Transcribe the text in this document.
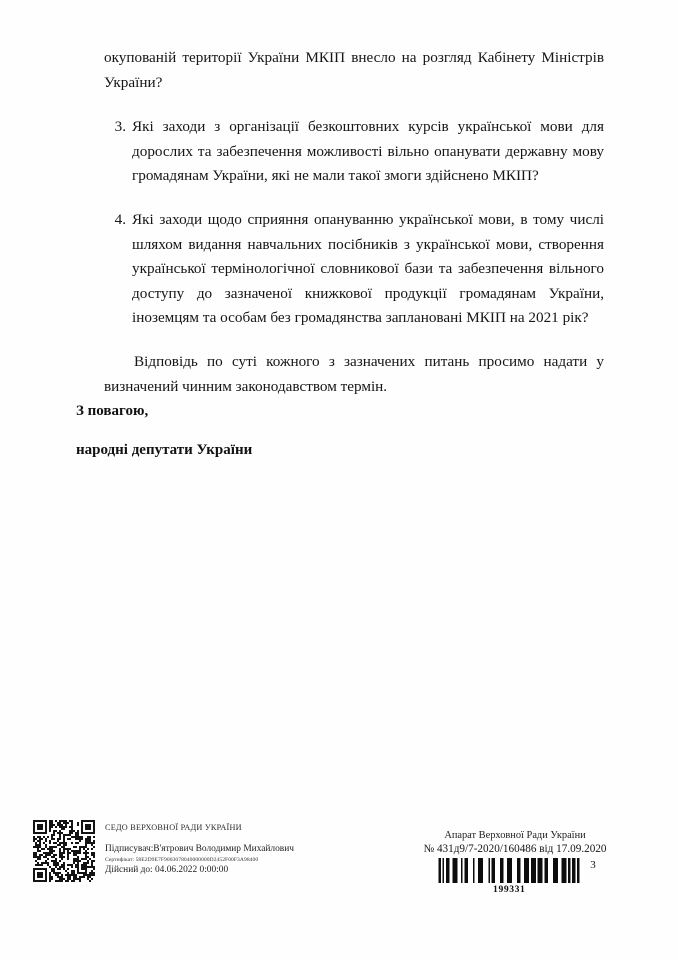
окупованій території України МКІП внесло на розгляд Кабінету Міністрів України?

3. Які заходи з організації безкоштовних курсів української мови для дорослих та забезпечення можливості вільно опанувати державну мову громадянам України, які не мали такої змоги здійснено МКІП?
4. Які заходи щодо сприяння опануванню української мови, в тому числі шляхом видання навчальних посібників з української мови, створення української термінологічної словникової бази та забезпечення вільного доступу до зазначеної книжкової продукції громадянам України, іноземцям та особам без громадянства заплановані МКІП на 2021 рік?

Відповідь по суті кожного з зазначених питань просимо надати у визначений чинним законодавством термін.

З повагою,
народні депутати України
СЕДО ВЕРХОВНОЇ РАДИ УКРАЇНИ
Підписувач:В'ятрович Володимир Михайлович
Сертифікат: 58E2D9E7F9003078040000000D2452F00F3A98400
Дійсний до: 04.06.2022 0:00:00
Апарат Верховної Ради України
№ 431д9/7-2020/160486 від 17.09.2020
199331
3
